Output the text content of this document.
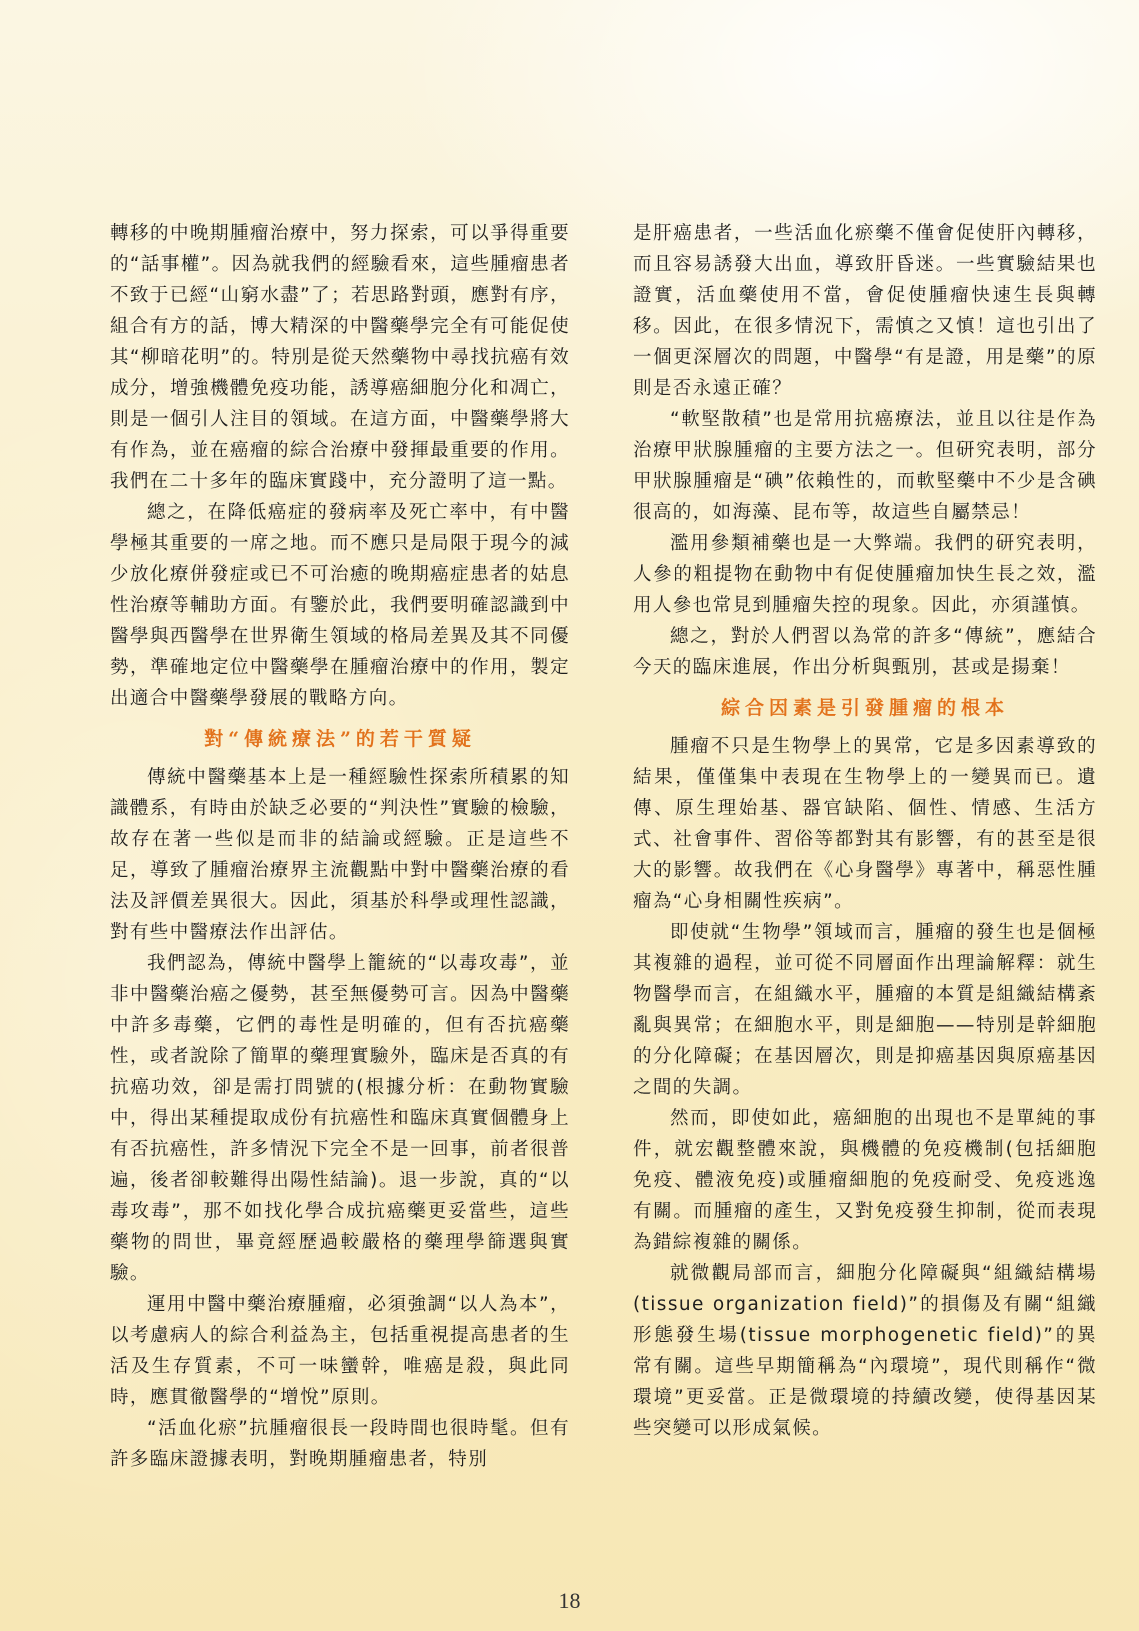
轉移的中晚期腫瘤治療中，努力探索，可以爭得重要的“話事權”。因為就我們的經驗看來，這些腫瘤患者不致于已經“山窮水盡”了；若思路對頭，應對有序，組合有方的話，博大精深的中醫藥學完全有可能促使其“柳暗花明”的。特別是從天然藥物中尋找抗癌有效成分，增強機體免疫功能，誘導癌細胞分化和凋亡，則是一個引人注目的領域。在這方面，中醫藥學將大有作為，並在癌瘤的綜合治療中發揮最重要的作用。我們在二十多年的臨床實踐中，充分證明了這一點。

總之，在降低癌症的發病率及死亡率中，有中醫學極其重要的一席之地。而不應只是局限于現今的減少放化療併發症或已不可治癒的晚期癌症患者的姑息性治療等輔助方面。有鑒於此，我們要明確認識到中醫學與西醫學在世界衛生領域的格局差異及其不同優勢，準確地定位中醫藥學在腫瘤治療中的作用，製定出適合中醫藥學發展的戰略方向。

對“傳統療法”的若干質疑

傳統中醫藥基本上是一種經驗性探索所積累的知識體系，有時由於缺乏必要的“判決性”實驗的檢驗，故存在著一些似是而非的結論或經驗。正是這些不足，導致了腫瘤治療界主流觀點中對中醫藥治療的看法及評價差異很大。因此，須基於科學或理性認識，對有些中醫療法作出評估。

我們認為，傳統中醫學上籠統的“以毒攻毒”，並非中醫藥治癌之優勢，甚至無優勢可言。因為中醫藥中許多毒藥，它們的毒性是明確的，但有否抗癌藥性，或者說除了簡單的藥理實驗外，臨床是否真的有抗癌功效，卻是需打問號的(根據分析：在動物實驗中，得出某種提取成份有抗癌性和臨床真實個體身上有否抗癌性，許多情況下完全不是一回事，前者很普遍，後者卻較難得出陽性結論)。退一步說，真的“以毒攻毒”，那不如找化學合成抗癌藥更妥當些，這些藥物的問世，畢竟經歷過較嚴格的藥理學篩選與實驗。

運用中醫中藥治療腫瘤，必須強調“以人為本”，以考慮病人的綜合利益為主，包括重視提高患者的生活及生存質素，不可一味蠻幹，唯癌是殺，與此同時，應貫徹醫學的“增悅”原則。

“活血化瘀”抗腫瘤很長一段時間也很時髦。但有許多臨床證據表明，對晚期腫瘤患者，特別

是肝癌患者，一些活血化瘀藥不僅會促使肝內轉移，而且容易誘發大出血，導致肝昏迷。一些實驗結果也證實，活血藥使用不當，會促使腫瘤快速生長與轉移。因此，在很多情況下，需慎之又慎！這也引出了一個更深層次的問題，中醫學“有是證，用是藥”的原則是否永遠正確？

“軟堅散積”也是常用抗癌療法，並且以往是作為治療甲狀腺腫瘤的主要方法之一。但研究表明，部分甲狀腺腫瘤是“碘”依賴性的，而軟堅藥中不少是含碘很高的，如海藻、昆布等，故這些自屬禁忌！

濫用參類補藥也是一大弊端。我們的研究表明，人參的粗提物在動物中有促使腫瘤加快生長之效，濫用人參也常見到腫瘤失控的現象。因此，亦須謹慎。

總之，對於人們習以為常的許多“傳統”，應結合今天的臨床進展，作出分析與甄別，甚或是揚棄！

綜合因素是引發腫瘤的根本

腫瘤不只是生物學上的異常，它是多因素導致的結果，僅僅集中表現在生物學上的一變異而已。遺傳、原生理始基、器官缺陷、個性、情感、生活方式、社會事件、習俗等都對其有影響，有的甚至是很大的影響。故我們在《心身醫學》專著中，稱惡性腫瘤為“心身相關性疾病”。

即使就“生物學”領域而言，腫瘤的發生也是個極其複雜的過程，並可從不同層面作出理論解釋：就生物醫學而言，在組織水平，腫瘤的本質是組織結構紊亂與異常；在細胞水平，則是細胞——特別是幹細胞的分化障礙；在基因層次，則是抑癌基因與原癌基因之間的失調。

然而，即使如此，癌細胞的出現也不是單純的事件，就宏觀整體來說，與機體的免疫機制(包括細胞免疫、體液免疫)或腫瘤細胞的免疫耐受、免疫逃逸有關。而腫瘤的產生，又對免疫發生抑制，從而表現為錯綜複雜的關係。

就微觀局部而言，細胞分化障礙與“組織結構場(tissue organization field)”的損傷及有關“組織形態發生場(tissue morphogenetic field)”的異常有關。這些早期簡稱為“內環境”，現代則稱作“微環境”更妥當。正是微環境的持續改變，使得基因某些突變可以形成氣候。

18
